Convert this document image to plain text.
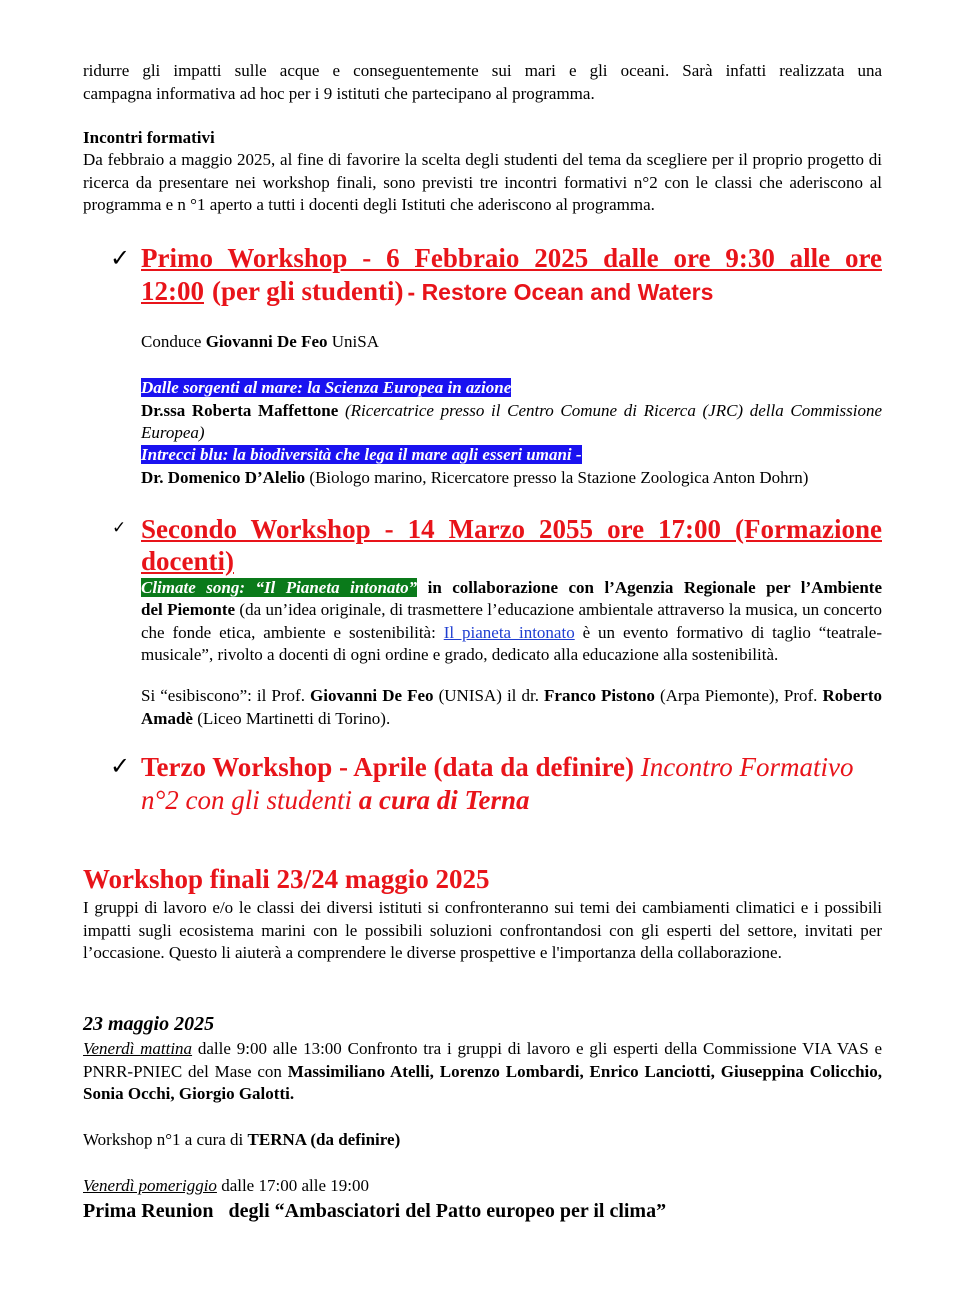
ridurre gli impatti sulle acque e conseguentemente sui mari e gli oceani. Sarà infatti realizzata una

campagna informativa ad hoc per i 9 istituti che partecipano al programma.

Incontri formativi

Da febbraio a maggio 2025, al fine di favorire la scelta degli studenti del tema da scegliere per il proprio progetto di ricerca da presentare nei workshop finali, sono previsti tre incontri formativi n°2 con le classi che aderiscono al programma e n °1 aperto a tutti i docenti degli Istituti che aderiscono al programma.

✓ Primo Workshop - 6 Febbraio 2025 dalle ore 9:30 alle ore

12:00 (per gli studenti) - Restore Ocean and Waters

Conduce Giovanni De Feo UniSA

Dalle sorgenti al mare: la Scienza Europea in azione

Dr.ssa Roberta Maffettone (Ricercatrice presso il Centro Comune di Ricerca (JRC) della Commissione Europea)

Intrecci blu: la biodiversità che lega il mare agli esseri umani -

Dr. Domenico D’Alelio (Biologo marino, Ricercatore presso la Stazione Zoologica Anton Dohrn)

✓ Secondo Workshop - 14 Marzo 2055 ore 17:00 (Formazione

docenti)

Climate song: “Il Pianeta intonato” in collaborazione con l’Agenzia Regionale per l’Ambiente

del Piemonte (da un’idea originale, di trasmettere l’educazione ambientale attraverso la musica, un concerto che fonde etica, ambiente e sostenibilità: Il pianeta intonato è un evento formativo di taglio “teatrale-musicale”, rivolto a docenti di ogni ordine e grado, dedicato alla educazione alla sostenibilità.

Si “esibiscono”: il Prof. Giovanni De Feo (UNISA) il dr. Franco Pistono (Arpa Piemonte), Prof. Roberto Amadè (Liceo Martinetti di Torino).

✓ Terzo Workshop - Aprile (data da definire) Incontro Formativo

n°2 con gli studenti a cura di Terna

Workshop finali 23/24 maggio 2025

I gruppi di lavoro e/o le classi dei diversi istituti si confronteranno sui temi dei cambiamenti climatici e i possibili impatti sugli ecosistema marini con le possibili soluzioni confrontandosi con gli esperti del settore, invitati per l’occasione. Questo li aiuterà a comprendere le diverse prospettive e l'importanza della collaborazione.

23 maggio 2025

Venerdì mattina dalle 9:00 alle 13:00 Confronto tra i gruppi di lavoro e gli esperti della Commissione VIA VAS e PNRR-PNIEC del Mase con Massimiliano Atelli, Lorenzo Lombardi, Enrico Lanciotti, Giuseppina Colicchio, Sonia Occhi, Giorgio Galotti.

Workshop n°1 a cura di TERNA (da definire)

Venerdì pomeriggio dalle 17:00 alle 19:00

Prima Reunion   degli “Ambasciatori del Patto europeo per il clima”
